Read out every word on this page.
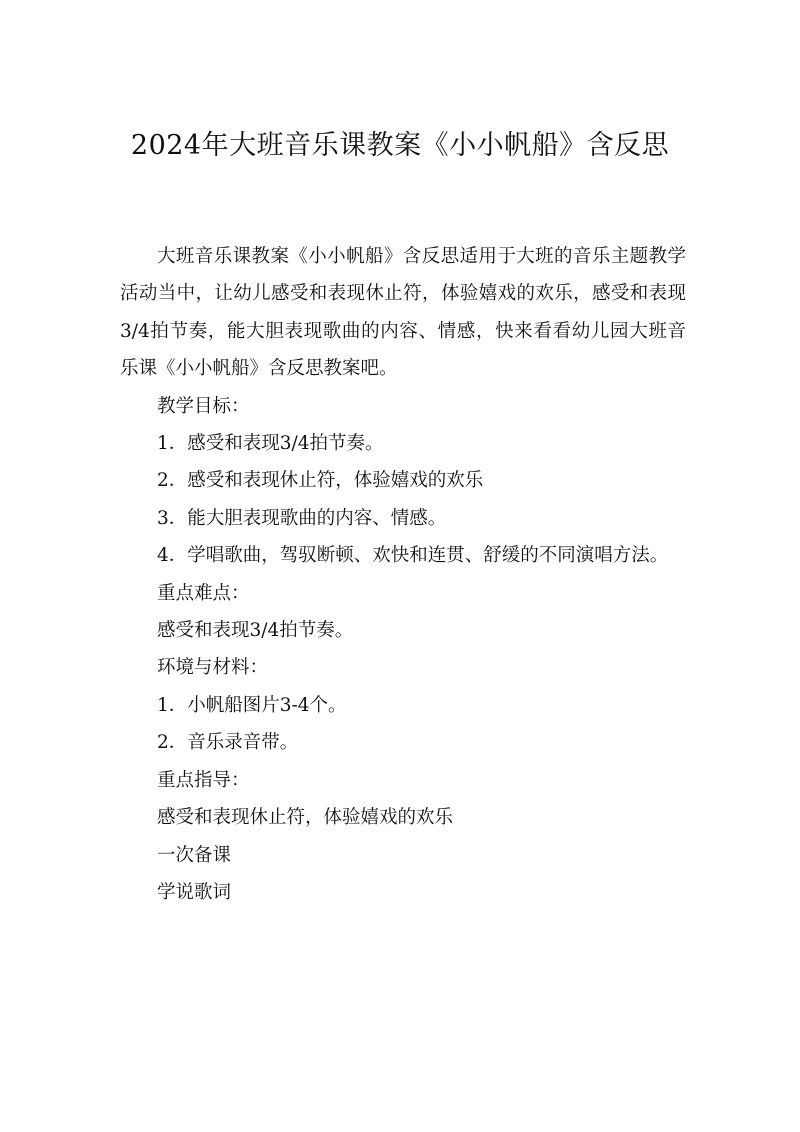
2024年大班音乐课教案《小小帆船》含反思

大班音乐课教案《小小帆船》含反思适用于大班的音乐主题教学活动当中，让幼儿感受和表现休止符，体验嬉戏的欢乐，感受和表现3/4拍节奏，能大胆表现歌曲的内容、情感，快来看看幼儿园大班音乐课《小小帆船》含反思教案吧。

教学目标：

1．感受和表现3/4拍节奏。

2．感受和表现休止符，体验嬉戏的欢乐

3．能大胆表现歌曲的内容、情感。

4．学唱歌曲，驾驭断顿、欢快和连贯、舒缓的不同演唱方法。

重点难点：

感受和表现3/4拍节奏。

环境与材料：

1．小帆船图片3-4个。

2．音乐录音带。

重点指导：

感受和表现休止符，体验嬉戏的欢乐

一次备课

学说歌词
